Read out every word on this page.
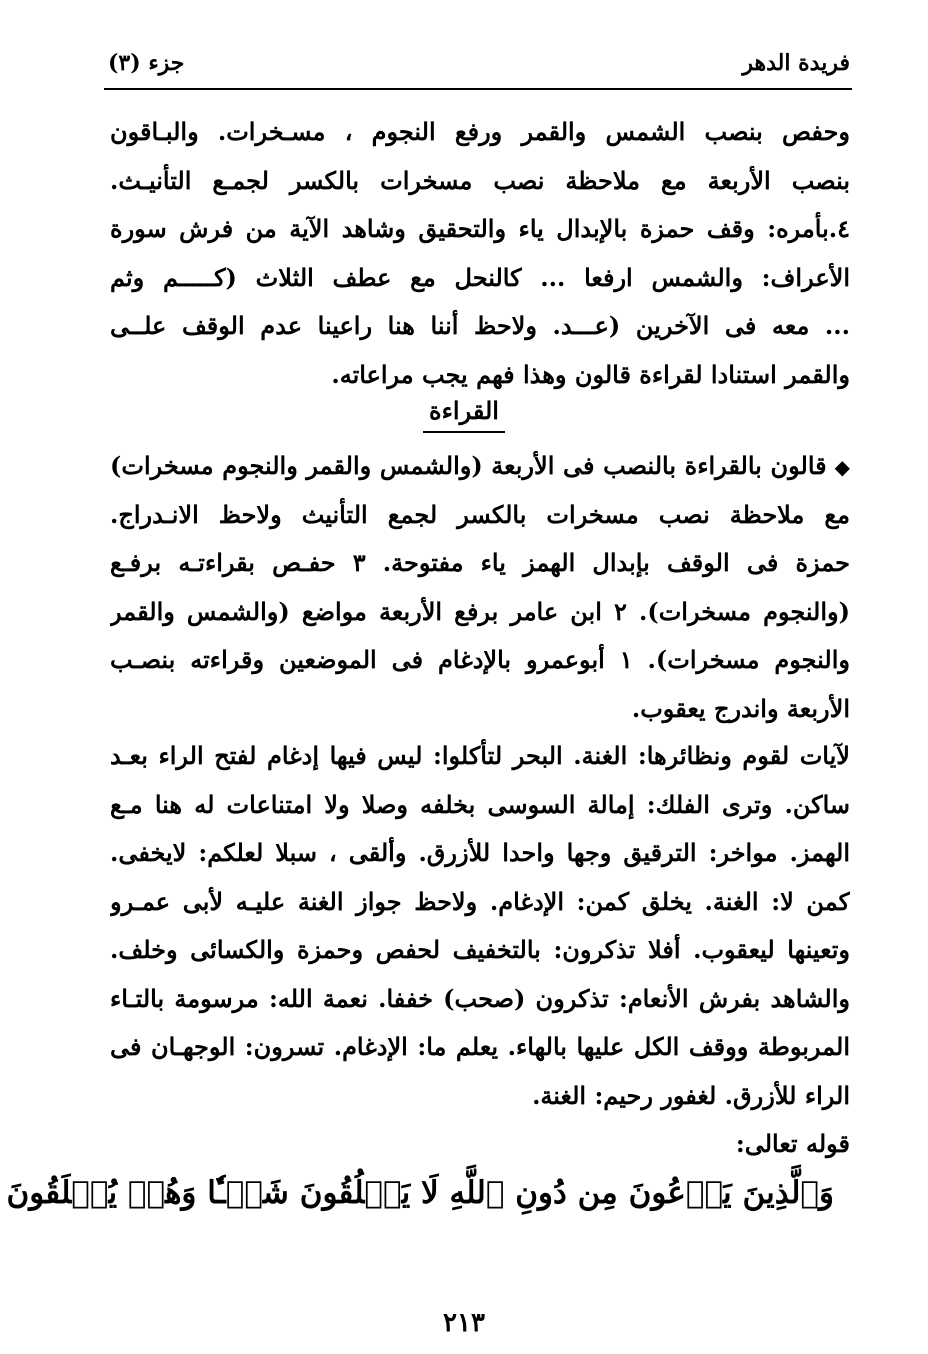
فريدة الدهر
جزء (٣)
وحفص بنصب الشمس والقمر ورفع النجوم ، مسـخرات. والبـاقون
بنصب الأربعة مع ملاحظة نصب مسخرات بالكسر لجمـع التأنيـث.
٤.بأمره: وقف حمزة بالإبدال ياء والتحقيق وشاهد الآية من فرش سورة
الأعراف: والشمس ارفعا ... كالنحل مع عطف الثلاث (كـــــم وثم
... معه فى الآخرين (عـــد. ولاحظ أننا هنا راعينا عدم الوقف علــى
والقمر استنادا لقراءة قالون وهذا فهم يجب مراعاته.
القراءة
◆قالون بالقراءة بالنصب فى الأربعة (والشمس والقمر والنجوم مسخرات)
مع ملاحظة نصب مسخرات بالكسر لجمع التأنيث ولاحظ الانـدراج.
حمزة فى الوقف بإبدال الهمز ياء مفتوحة. ٣ حفـص بقراءتـه برفـع
(والنجوم مسخرات). ٢ ابن عامر برفع الأربعة مواضع (والشمس والقمر
والنجوم مسخرات). ١ أبوعمرو بالإدغام فى الموضعين وقراءته بنصـب
الأربعة واندرج يعقوب.
لآيات لقوم ونظائرها: الغنة. البحر لتأكلوا: ليس فيها إدغام لفتح الراء بعـد
ساكن. وترى الفلك: إمالة السوسى بخلفه وصلا ولا امتناعات له هنا مـع
الهمز. مواخر: الترقيق وجها واحدا للأزرق. وألقى ، سبلا لعلكم: لايخفى.
كمن لا: الغنة. يخلق كمن: الإدغام. ولاحظ جواز الغنة عليـه لأبى عمـرو
وتعينها ليعقوب. أفلا تذكرون: بالتخفيف لحفص وحمزة والكسائى وخلف.
والشاهد بفرش الأنعام: تذكرون (صحب) خففا. نعمة الله: مرسومة بالتـاء
المربوطة ووقف الكل عليها بالهاء. يعلم ما: الإدغام. تسرون: الوجهـان فى
الراء للأزرق. لغفور رحيم: الغنة.
قوله تعالى:
وَٱلَّذِينَ يَدۡعُونَ مِن دُونِ ٱللَّهِ لَا يَخۡلُقُونَ شَيۡـٔٗا وَهُمۡ يُخۡلَقُونَ
٢١٣
